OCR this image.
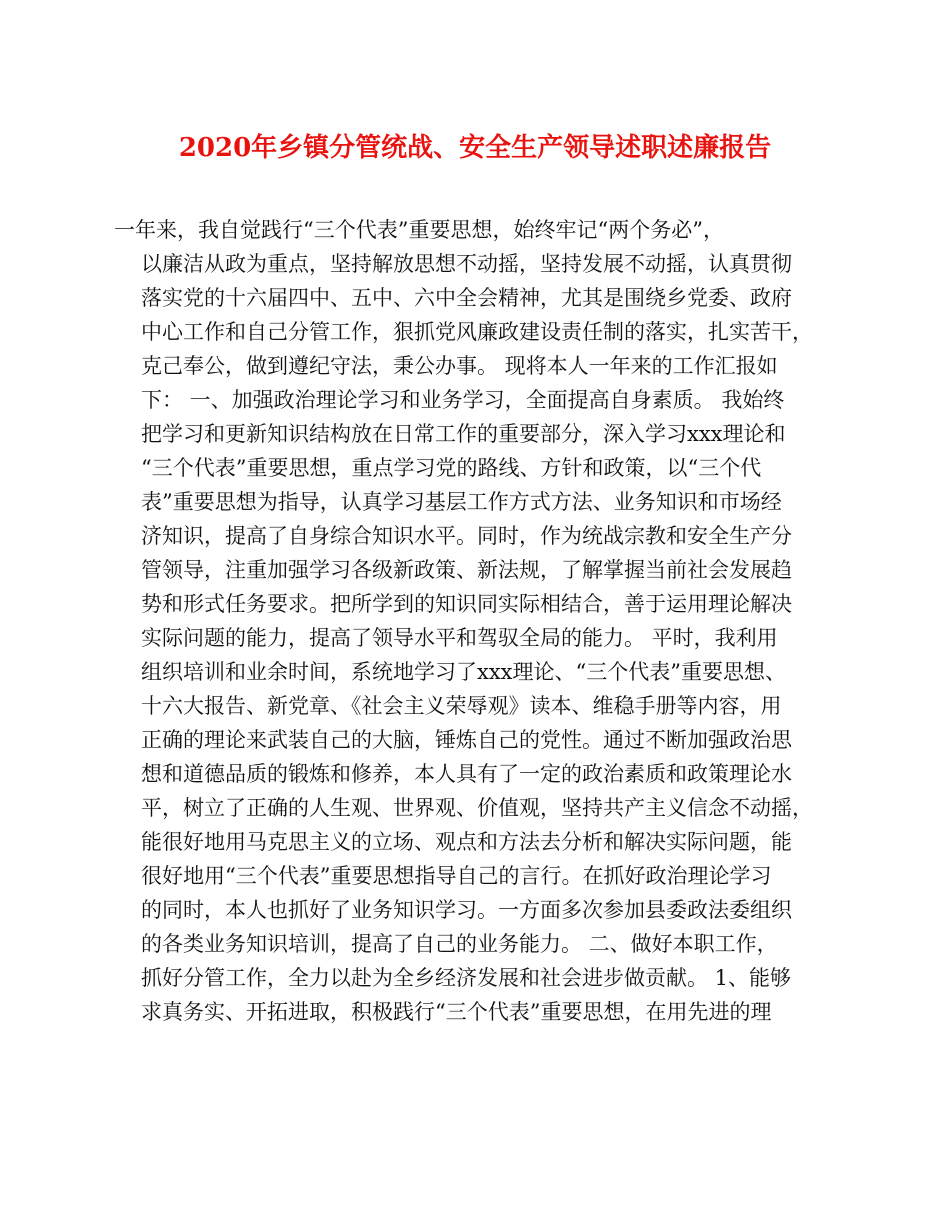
2020年乡镇分管统战、安全生产领导述职述廉报告
一年来，我自觉践行“三个代表”重要思想，始终牢记“两个务必”，
以廉洁从政为重点，坚持解放思想不动摇，坚持发展不动摇，认真贯彻
落实党的十六届四中、五中、六中全会精神，尤其是围绕乡党委、政府
中心工作和自己分管工作，狠抓党风廉政建设责任制的落实，扎实苦干，
克己奉公，做到遵纪守法，秉公办事。 现将本人一年来的工作汇报如
下： 一、加强政治理论学习和业务学习，全面提高自身素质。 我始终
把学习和更新知识结构放在日常工作的重要部分，深入学习xxx理论和
“三个代表”重要思想，重点学习党的路线、方针和政策，以“三个代
表”重要思想为指导，认真学习基层工作方式方法、业务知识和市场经
济知识，提高了自身综合知识水平。同时，作为统战宗教和安全生产分
管领导，注重加强学习各级新政策、新法规，了解掌握当前社会发展趋
势和形式任务要求。把所学到的知识同实际相结合，善于运用理论解决
实际问题的能力，提高了领导水平和驾驭全局的能力。 平时，我利用
组织培训和业余时间，系统地学习了xxx理论、“三个代表”重要思想、
十六大报告、新党章、《社会主义荣辱观》读本、维稳手册等内容，用
正确的理论来武装自己的大脑，锤炼自己的党性。通过不断加强政治思
想和道德品质的锻炼和修养，本人具有了一定的政治素质和政策理论水
平，树立了正确的人生观、世界观、价值观，坚持共产主义信念不动摇，
能很好地用马克思主义的立场、观点和方法去分析和解决实际问题，能
很好地用“三个代表”重要思想指导自己的言行。在抓好政治理论学习
的同时，本人也抓好了业务知识学习。一方面多次参加县委政法委组织
的各类业务知识培训，提高了自己的业务能力。 二、做好本职工作，
抓好分管工作，全力以赴为全乡经济发展和社会进步做贡献。 1、能够
求真务实、开拓进取，积极践行“三个代表”重要思想，在用先进的理
